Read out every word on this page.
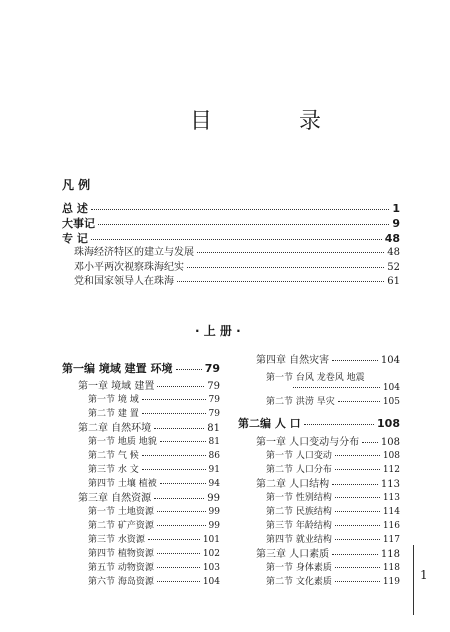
目 录
凡 例
总 述	1
大事记	9
专 记	48
珠海经济特区的建立与发展	48
邓小平两次视察珠海纪实	52
党和国家领导人在珠海	61
· 上 册 ·
第一编 境域 建置 环境	79
第一章 境域 建置	79
第一节 境 域	79
第二节 建 置	79
第二章 自然环境	81
第一节 地质 地貌	81
第二节 气 候	86
第三节 水 文	91
第四节 土壤 植被	94
第三章 自然资源	99
第一节 土地资源	99
第二节 矿产资源	99
第三节 水资源	101
第四节 植物资源	102
第五节 动物资源	103
第六节 海岛资源	104
第四章 自然灾害	104
第一节 台风 龙卷风 地震
104
第二节 洪涝 旱灾	105
第二编 人 口	108
第一章 人口变动与分布 108
第一节 人口变动	108
第二节 人口分布	112
第二章 人口结构	113
第一节 性别结构	113
第二节 民族结构	114
第三节 年龄结构	116
第四节 就业结构	117
第三章 人口素质	118
第一节 身体素质	118
第二节 文化素质	119 1
